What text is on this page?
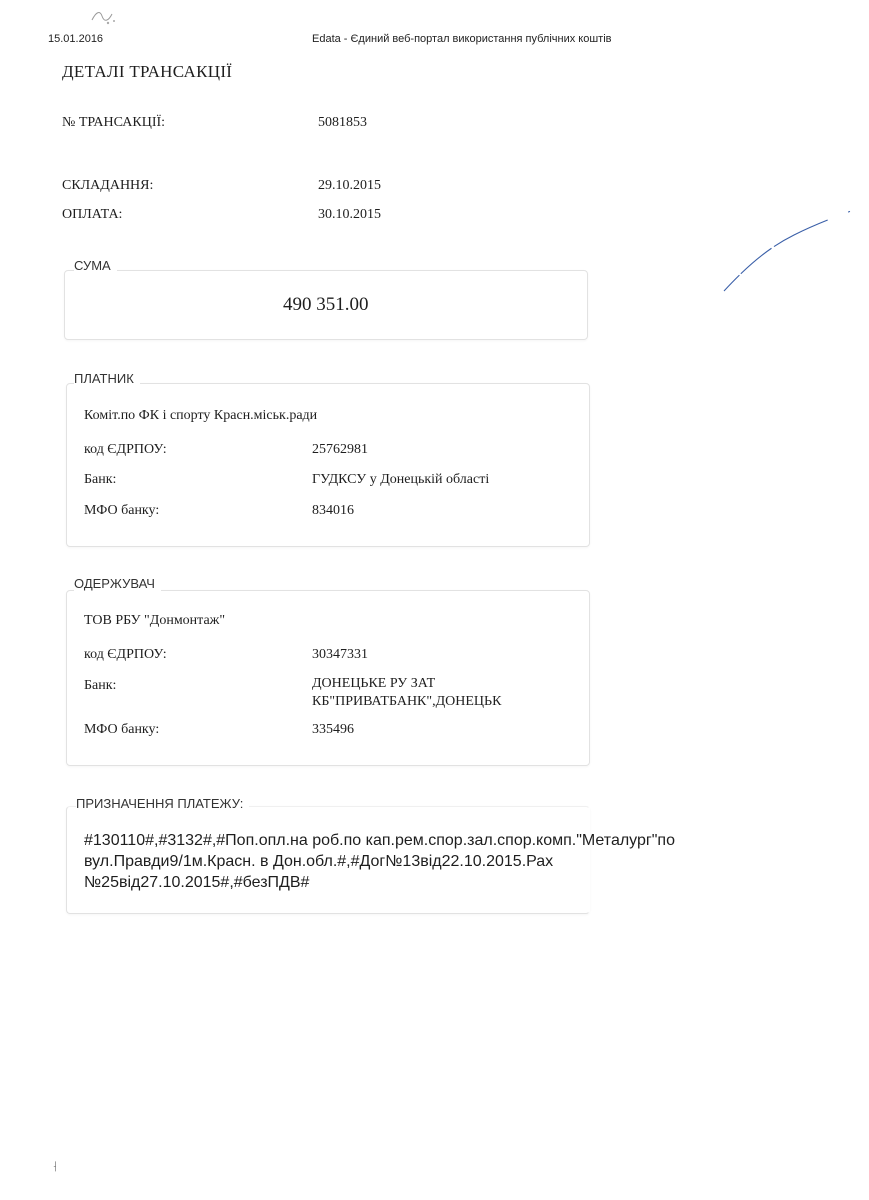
15.01.2016	Edata - Єдиний веб-портал використання публічних коштів
ДЕТАЛІ ТРАНСАКЦІЇ
№ ТРАНСАКЦІЇ:	5081853
СКЛАДАННЯ:	29.10.2015
ОПЛАТА:	30.10.2015
СУМА
490 351.00
ПЛАТНИК
Коміт.по ФК і спорту Красн.міськ.ради
код ЄДРПОУ:	25762981
Банк:	ГУДКСУ у Донецькій області
МФО банку:	834016
ОДЕРЖУВАЧ
ТОВ РБУ "Донмонтаж"
код ЄДРПОУ:	30347331
Банк:	ДОНЕЦЬКЕ РУ ЗАТ
КБ"ПРИВАТБАНК",ДОНЕЦЬК
МФО банку:	335496
ПРИЗНАЧЕННЯ ПЛАТЕЖУ:
#130110#,#3132#,#Поп.опл.на роб.по кап.рем.спор.зал.спор.комп."Металург"по
вул.Правди9/1м.Красн. в Дон.обл.#,#Дог№13від22.10.2015.Рах
№25від27.10.2015#,#безПДВ#
⸡
